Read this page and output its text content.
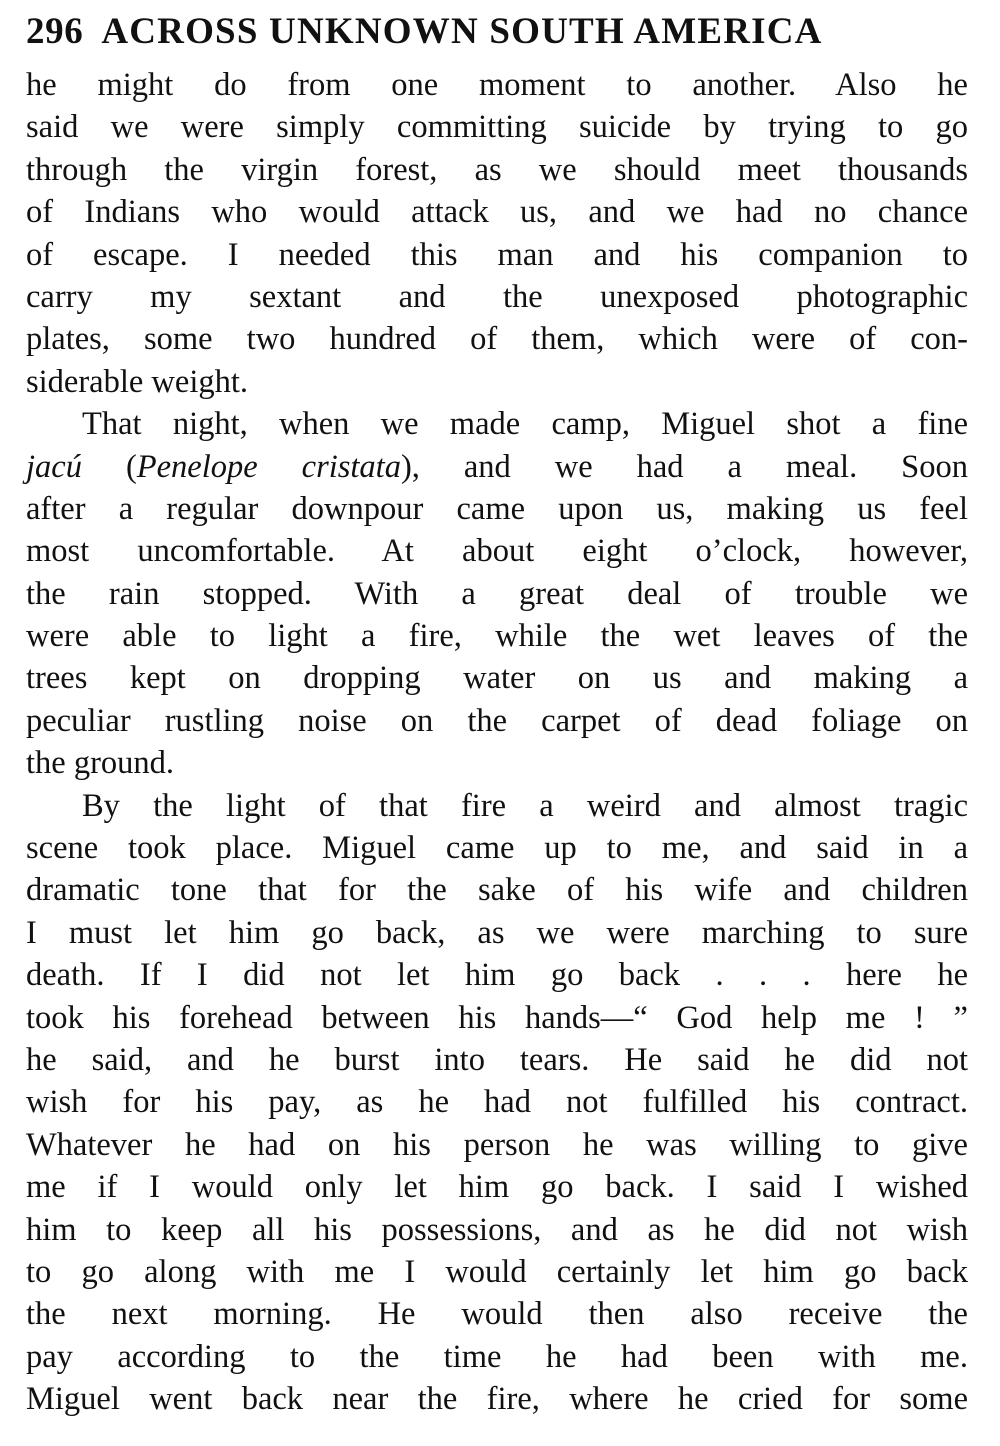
296 ACROSS UNKNOWN SOUTH AMERICA
he might do from one moment to another. Also he
said we were simply committing suicide by trying to go
through the virgin forest, as we should meet thousands
of Indians who would attack us, and we had no chance
of escape. I needed this man and his companion to
carry my sextant and the unexposed photographic
plates, some two hundred of them, which were of con-
siderable weight.
That night, when we made camp, Miguel shot a fine
jacú (Penelope cristata), and we had a meal. Soon
after a regular downpour came upon us, making us feel
most uncomfortable. At about eight o’clock, however,
the rain stopped. With a great deal of trouble we
were able to light a fire, while the wet leaves of the
trees kept on dropping water on us and making a
peculiar rustling noise on the carpet of dead foliage on
the ground.
By the light of that fire a weird and almost tragic
scene took place. Miguel came up to me, and said in a
dramatic tone that for the sake of his wife and children
I must let him go back, as we were marching to sure
death. If I did not let him go back . . . here he
took his forehead between his hands—“ God help me ! ”
he said, and he burst into tears. He said he did not
wish for his pay, as he had not fulfilled his contract.
Whatever he had on his person he was willing to give
me if I would only let him go back. I said I wished
him to keep all his possessions, and as he did not wish
to go along with me I would certainly let him go back
the next morning. He would then also receive the
pay according to the time he had been with me.
Miguel went back near the fire, where he cried for some
